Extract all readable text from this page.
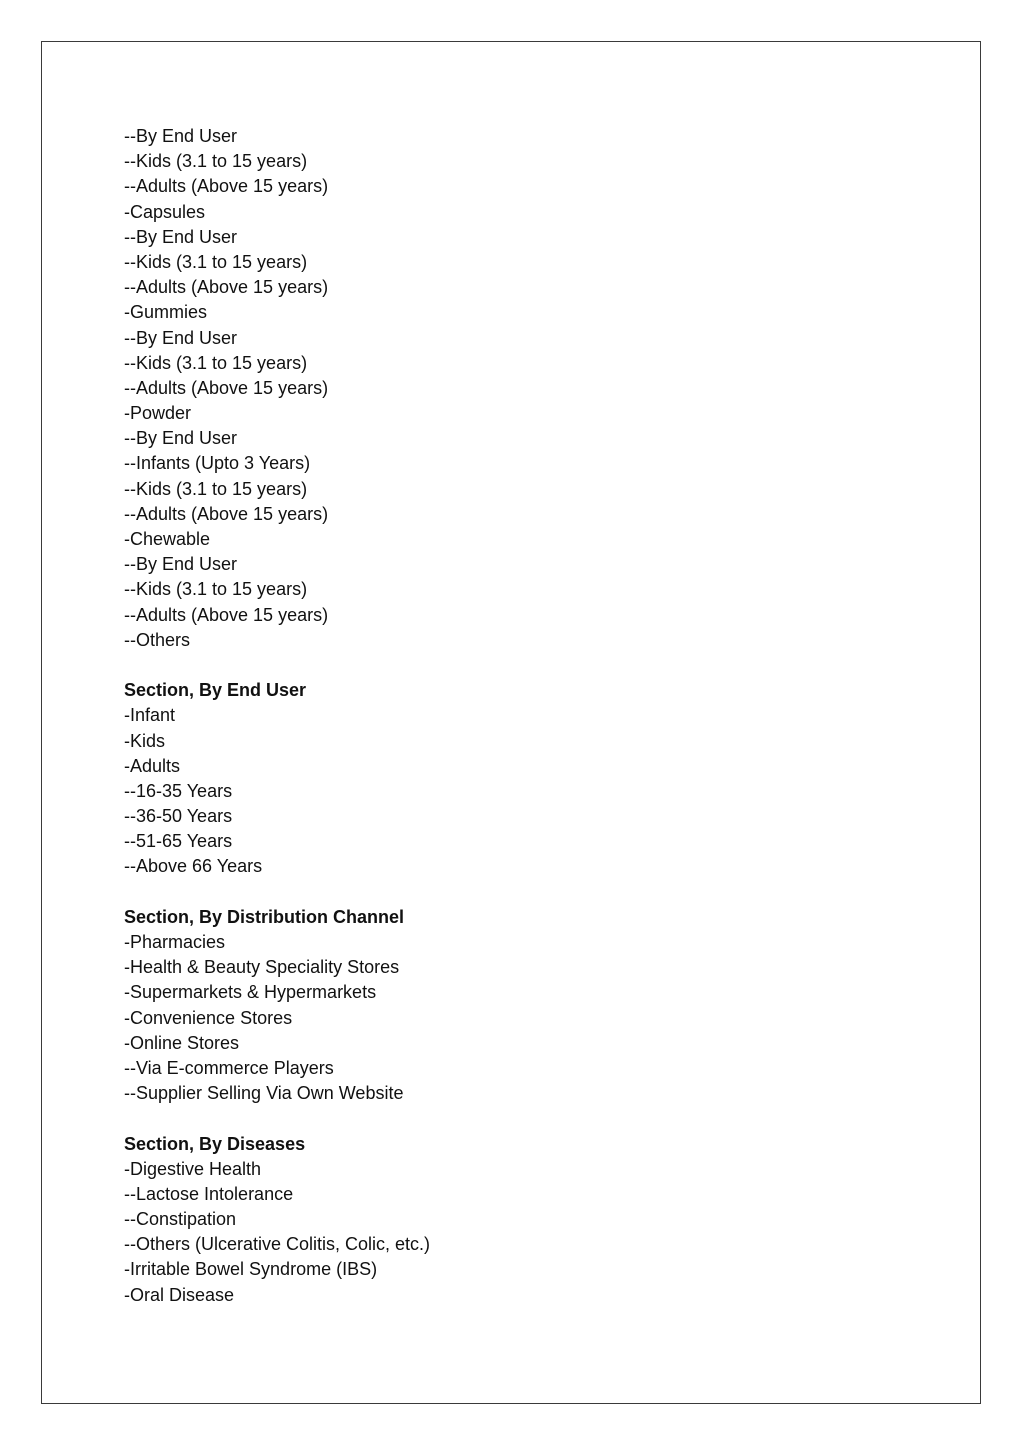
--By End User
--Kids (3.1 to 15 years)
--Adults (Above 15 years)
-Capsules
--By End User
--Kids (3.1 to 15 years)
--Adults (Above 15 years)
-Gummies
--By End User
--Kids (3.1 to 15 years)
--Adults (Above 15 years)
-Powder
--By End User
--Infants (Upto 3 Years)
--Kids (3.1 to 15 years)
--Adults (Above 15 years)
-Chewable
--By End User
--Kids (3.1 to 15 years)
--Adults (Above 15 years)
--Others
Section, By End User
-Infant
-Kids
-Adults
--16-35 Years
--36-50 Years
--51-65 Years
--Above 66 Years
Section, By Distribution Channel
-Pharmacies
-Health & Beauty Speciality Stores
-Supermarkets & Hypermarkets
-Convenience Stores
-Online Stores
--Via E-commerce Players
--Supplier Selling Via Own Website
Section, By Diseases
-Digestive Health
--Lactose Intolerance
--Constipation
--Others (Ulcerative Colitis, Colic, etc.)
-Irritable Bowel Syndrome (IBS)
-Oral Disease
